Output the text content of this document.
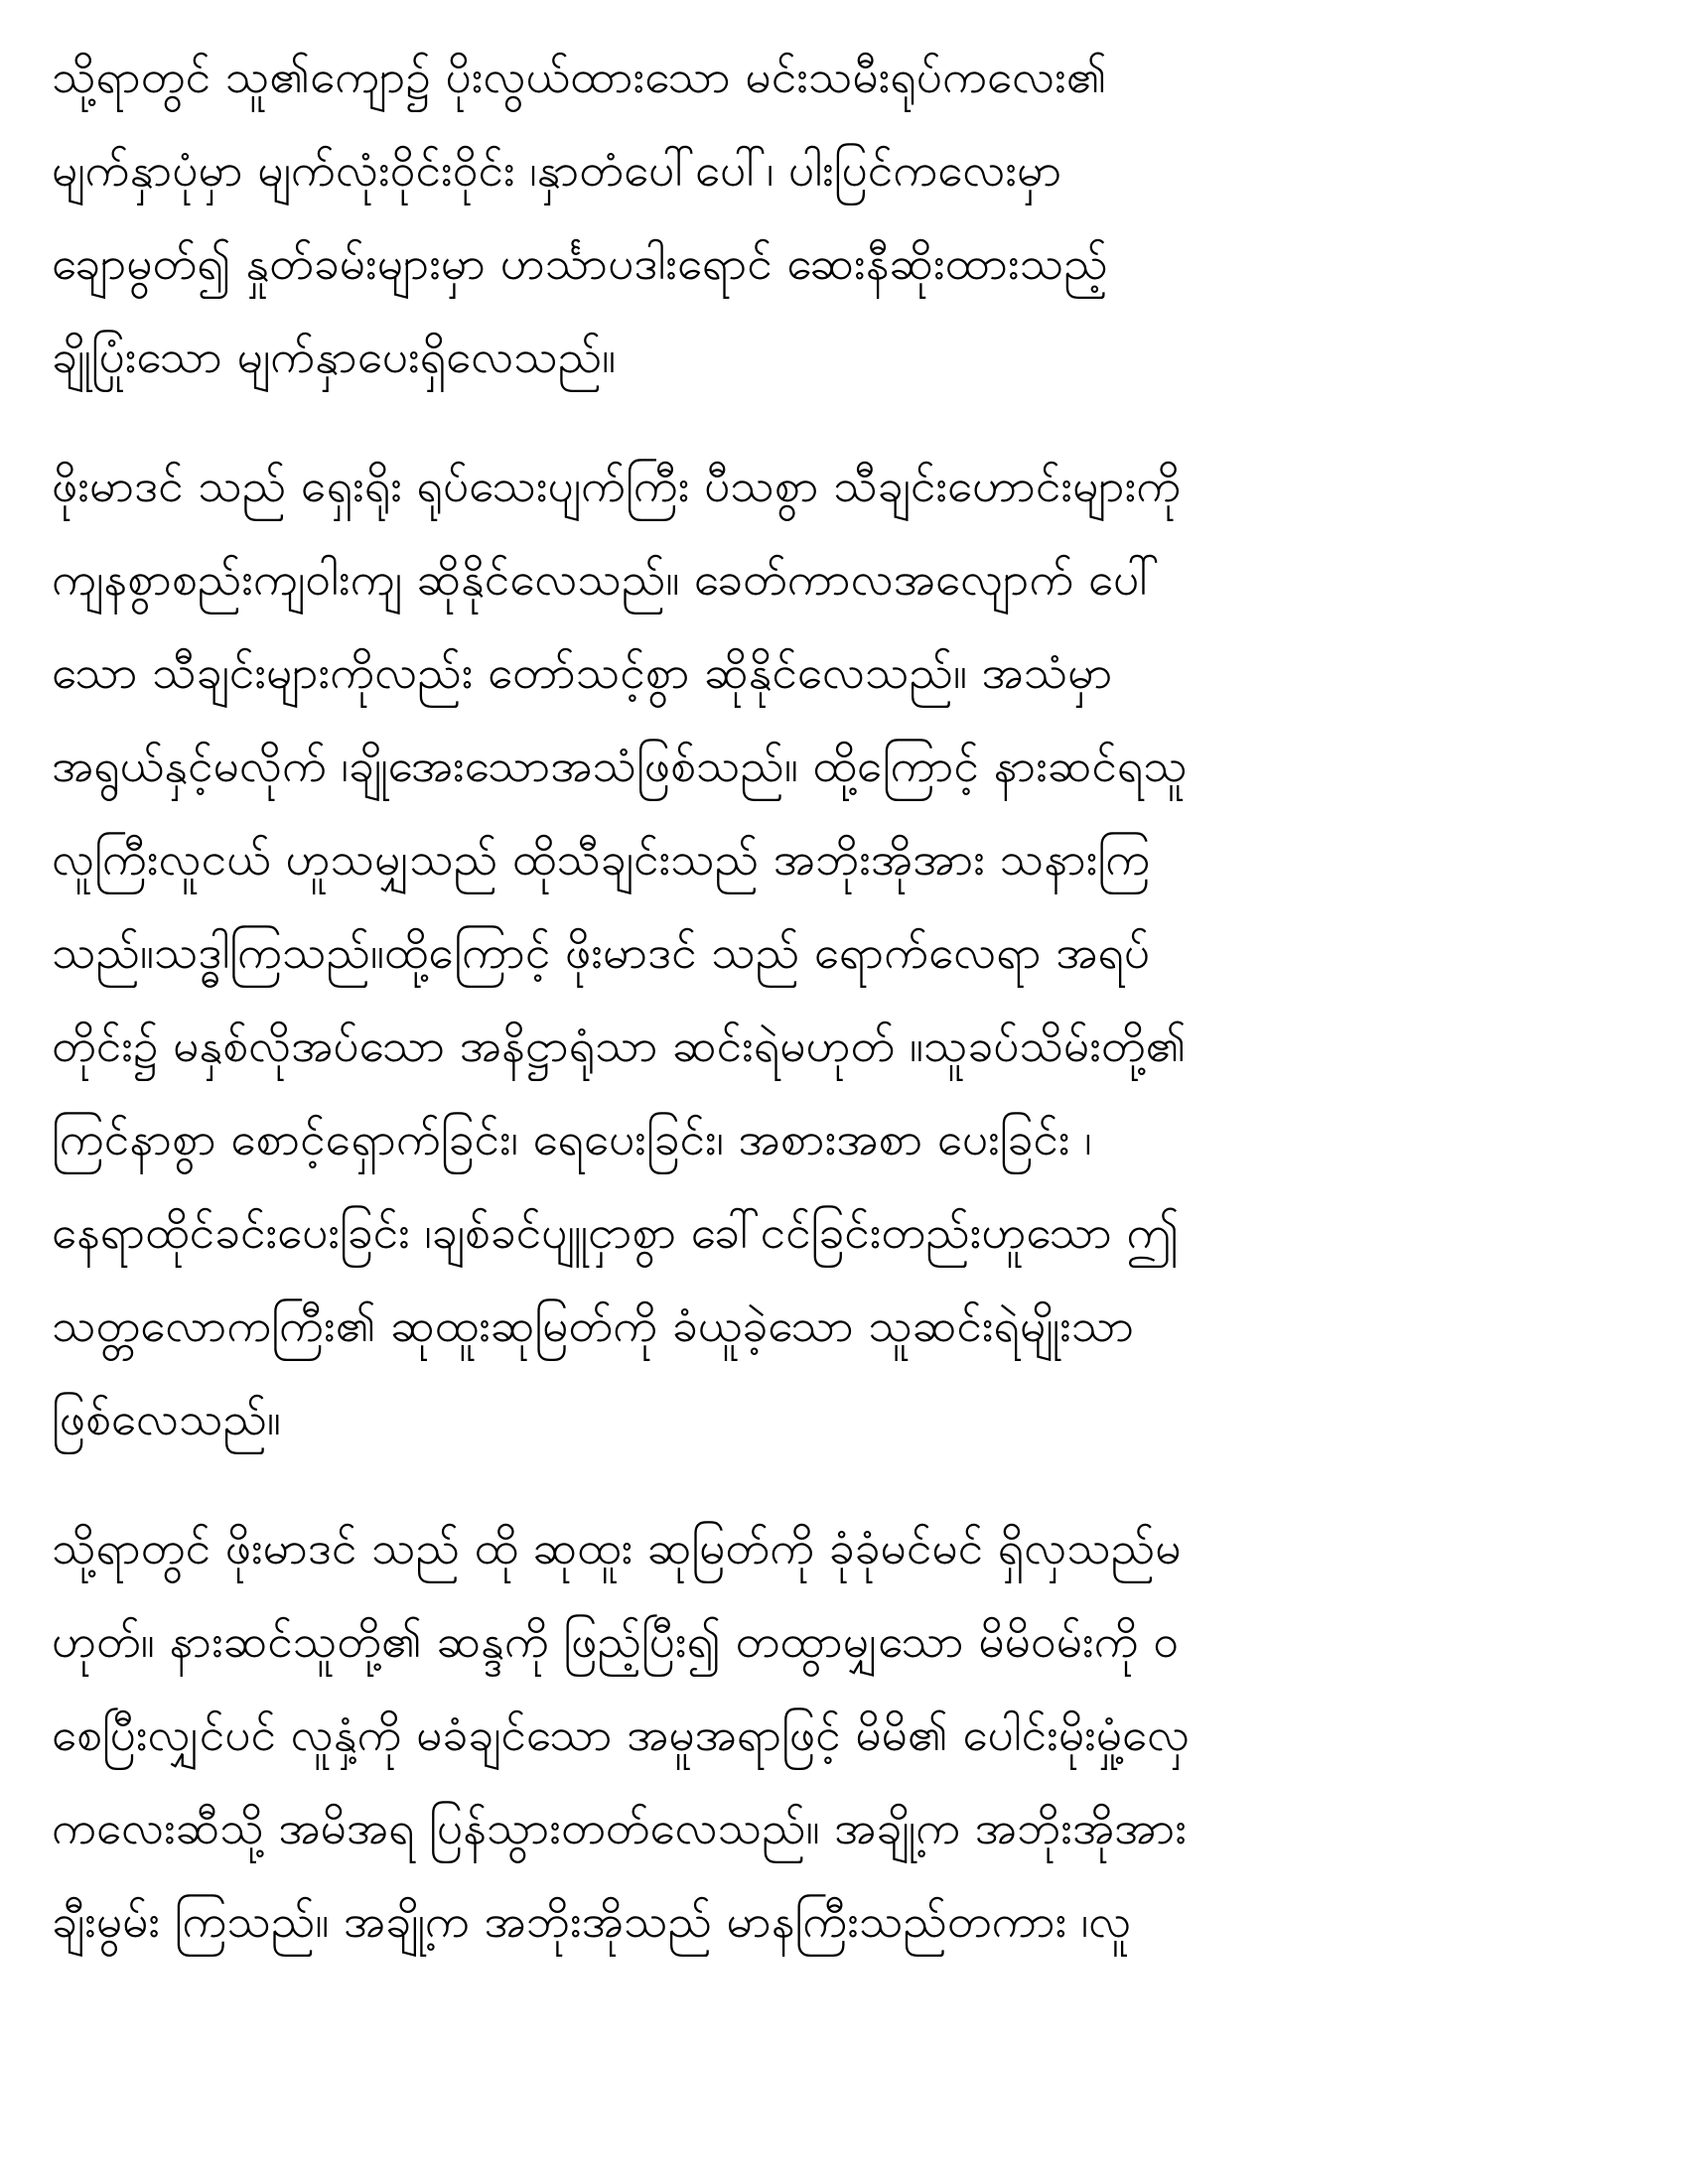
သို့ရာတွင် သူ၏ကျော၌ ပိုးလွယ်ထားသော မင်းသမီးရုပ်ကလေး၏
မျက်နှာပုံမှာ မျက်လုံးဝိုင်းဝိုင်း ၊နှာတံပေါ်ပေါ်၊ ပါးပြင်ကလေးမှာ
ချောမွတ်၍ နှုတ်ခမ်းများမှာ ဟင်္သာပဒါးရောင် ဆေးနီဆိုးထားသည့်
ချိုပြုံးသော မျက်နှာပေးရှိလေသည်။
ဖိုးမာဒင် သည် ရှေးရိုး ရုပ်သေးပျက်ကြီး ပီသစွာ သီချင်းဟောင်းများကို
ကျနစွာစည်းကျဝါးကျ ဆိုနိုင်လေသည်။ ခေတ်ကာလအလျောက် ပေါ်
သော သီချင်းများကိုလည်း တော်သင့်စွာ ဆိုနိုင်လေသည်။ အသံမှာ
အရွယ်နှင့်မလိုက် ၊ချိုအေးသောအသံဖြစ်သည်။ ထို့ကြောင့် နားဆင်ရသူ
လူကြီးလူငယ် ဟူသမျှသည် ထိုသီချင်းသည် အဘိုးအိုအား သနားကြ
သည်။သဒ္ဓါကြသည်။ထို့ကြောင့် ဖိုးမာဒင် သည် ရောက်လေရာ အရပ်
တိုင်း၌ မနှစ်လိုအပ်သော အနိဋ္ဌာရုံသာ ဆင်းရဲမဟုတ် ။သူခပ်သိမ်းတို့၏
ကြင်နာစွာ စောင့်ရှောက်ခြင်း၊ ရေပေးခြင်း၊ အစားအစာ ပေးခြင်း ၊
နေရာထိုင်ခင်းပေးခြင်း ၊ချစ်ခင်ပျူငှာစွာ ခေါ်ငင်ခြင်းတည်းဟူသော ဤ
သတ္တလောကကြီး၏ ဆုထူးဆုမြတ်ကို ခံယူခဲ့သော သူဆင်းရဲမျိုးသာ
ဖြစ်လေသည်။
သို့ရာတွင် ဖိုးမာဒင် သည် ထို ဆုထူး ဆုမြတ်ကို ခုံခုံမင်မင် ရှိလှသည်မ
ဟုတ်။ နားဆင်သူတို့၏ ဆန္ဒကို ဖြည့်ပြီး၍ တထွာမျှသော မိမိဝမ်းကို ဝ
စေပြီးလျှင်ပင် လူနှံ့ကို မခံချင်သော အမူအရာဖြင့် မိမိ၏ ပေါင်းမိုးမှုံ့လှေ
ကလေးဆီသို့ အမိအရ ပြန်သွားတတ်လေသည်။ အချို့က အဘိုးအိုအား
ချီးမွမ်း ကြသည်။ အချို့က အဘိုးအိုသည် မာနကြီးသည်တကား ၊လူ
